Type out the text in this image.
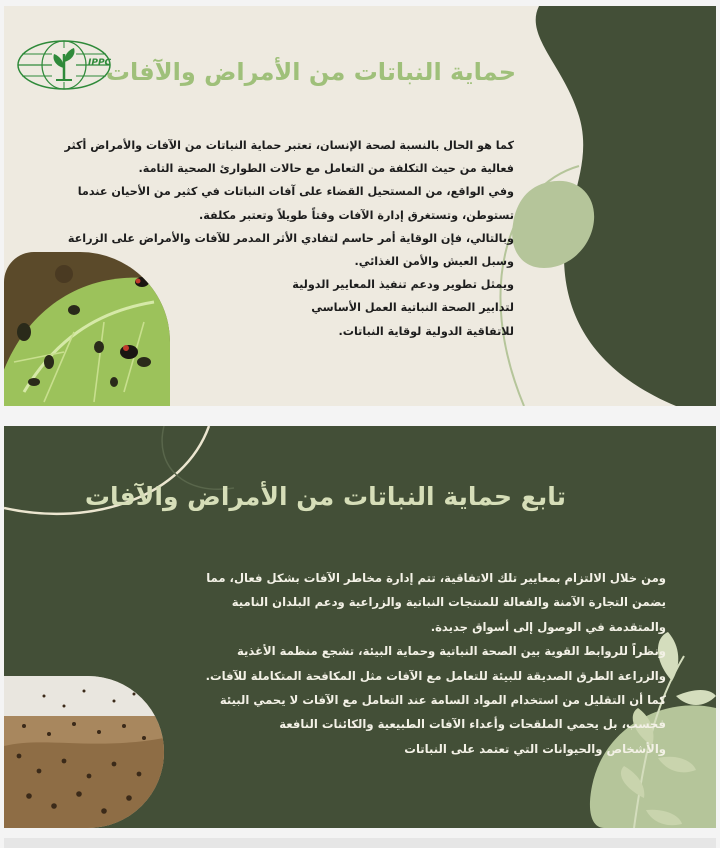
IPPC
حماية النباتات من الأمراض والآفات

كما هو الحال بالنسبة لصحة الإنسان، تعتبر حماية النباتات من الآفات والأمراض أكثر

فعالية من حيث التكلفة من التعامل مع حالات الطوارئ الصحية التامة.

وفي الواقع، من المستحيل القضاء على آفات النباتات في كثير من الأحيان عندما

تستوطن، وتستغرق إدارة الآفات وقتاً طويلاً وتعتبر مكلفة.

وبالتالي، فإن الوقاية أمر حاسم لتفادي الأثر المدمر للآفات والأمراض على الزراعة

وسبل العيش والأمن الغذائي.

ويمثل تطوير ودعم تنفيذ المعايير الدولية

لتدابير الصحة النباتية العمل الأساسي

للاتفاقية الدولية لوقاية النباتات.

تابع حماية النباتات من الأمراض والآفات

ومن خلال الالتزام بمعايير تلك الاتفاقية، تتم إدارة مخاطر الآفات بشكل فعال، مما

يضمن التجارة الآمنة والفعالة للمنتجات النباتية والزراعية ودعم البلدان النامية

والمتقدمة في الوصول إلى أسواق جديدة.

ونظراً للروابط القوية بين الصحة النباتية وحماية البيئة، تشجع منظمة الأغذية

والزراعة الطرق الصديقة للبيئة للتعامل مع الآفات مثل المكافحة المتكاملة للآفات.

كما أن التقليل من استخدام المواد السامة عند التعامل مع الآفات لا يحمي البيئة

فحسب، بل يحمي الملقحات وأعداء الآفات الطبيعية والكائنات النافعة

والأشخاص والحيوانات التي تعتمد على النباتات
